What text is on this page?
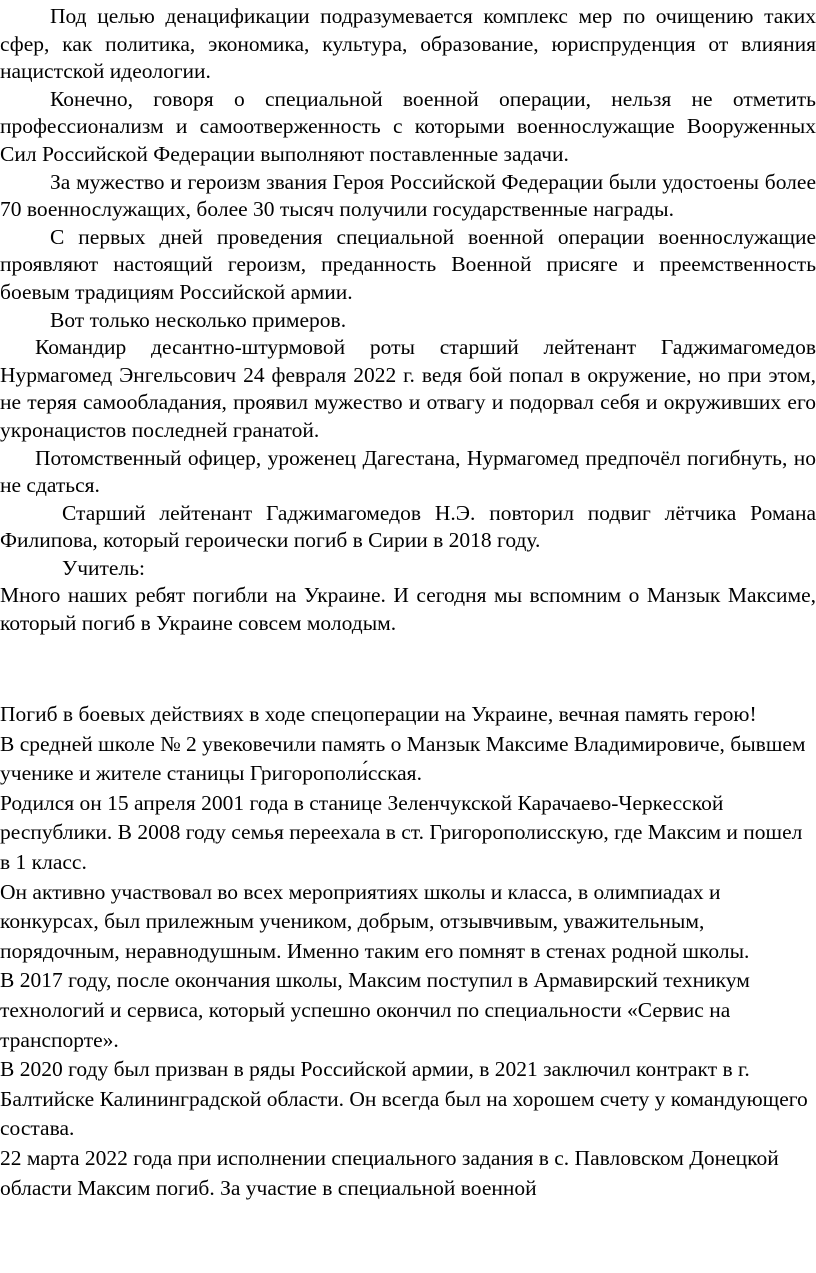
Под целью денацификации подразумевается комплекс мер по очищению таких сфер, как политика, экономика, культура, образование, юриспруденция от влияния нацистской идеологии.

Конечно, говоря о специальной военной операции, нельзя не отметить профессионализм и самоотверженность с которыми военнослужащие Вооруженных Сил Российской Федерации выполняют поставленные задачи.

За мужество и героизм звания Героя Российской Федерации были удостоены более 70 военнослужащих, более 30 тысяч получили государственные награды.

С первых дней проведения специальной военной операции военнослужащие проявляют настоящий героизм, преданность Военной присяге и преемственность боевым традициям Российской армии.

Вот только несколько примеров.

Командир десантно-штурмовой роты старший лейтенант Гаджимагомедов Нурмагомед Энгельсович 24 февраля 2022 г. ведя бой попал в окружение, но при этом, не теряя самообладания, проявил мужество и отвагу и подорвал себя и окруживших его укронацистов последней гранатой.

Потомственный офицер, уроженец Дагестана, Нурмагомед предпочёл погибнуть, но не сдаться.

Старший лейтенант Гаджимагомедов Н.Э. повторил подвиг лётчика Романа Филипова, который героически погиб в Сирии в 2018 году.

Учитель:

Много наших ребят погибли на Украине. И сегодня мы вспомним о Манзык Максиме, который погиб в Украине совсем молодым.

Погиб в боевых действиях в ходе спецоперации на Украине, вечная память герою!

В средней школе № 2 увековечили память о Манзык Максиме Владимировиче, бывшем ученике и жителе станицы Григорополи́сская.

Родился он 15 апреля 2001 года в станице Зеленчукской Карачаево-Черкесской республики. В 2008 году семья переехала в ст. Григорополисскую, где Максим и пошел в 1 класс.

Он активно участвовал во всех мероприятиях школы и класса, в олимпиадах и конкурсах, был прилежным учеником, добрым, отзывчивым, уважительным, порядочным, неравнодушным. Именно таким его помнят в стенах родной школы.

В 2017 году, после окончания школы, Максим поступил в Армавирский техникум технологий и сервиса, который успешно окончил по специальности «Сервис на транспорте».

В 2020 году был призван в ряды Российской армии, в 2021 заключил контракт в г. Балтийске Калининградской области. Он всегда был на хорошем счету у командующего состава.

22 марта 2022 года при исполнении специального задания в с. Павловском Донецкой области Максим погиб. За участие в специальной военной
